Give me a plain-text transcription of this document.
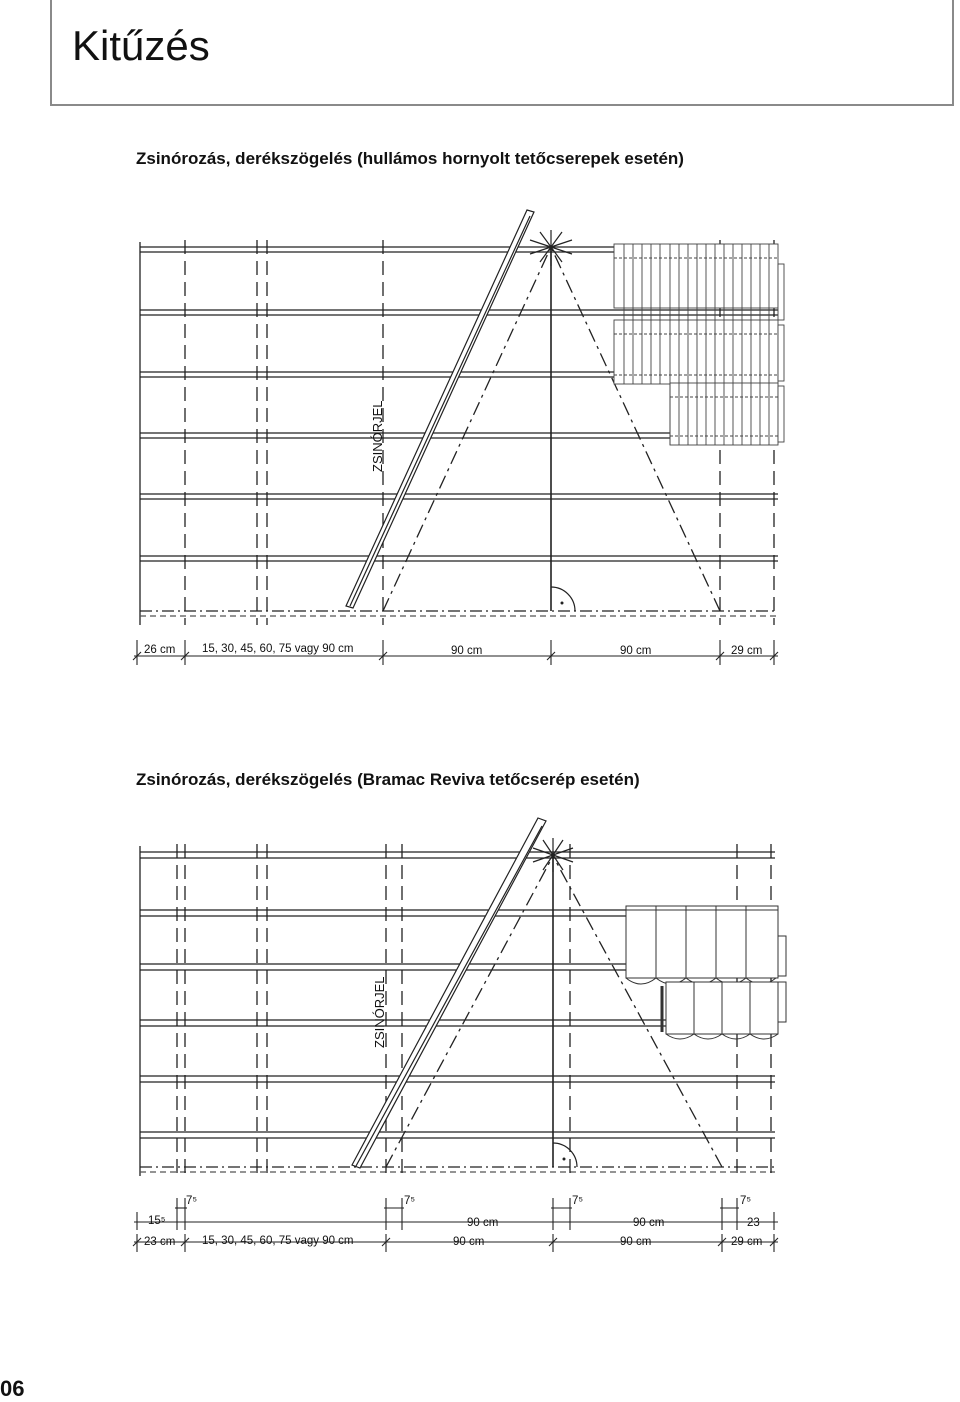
Kitűzés
Zsinórozás, derékszögelés (hullámos hornyolt tetőcserepek esetén)
ZSINÓRJEL
26 cm 15, 30, 45, 60, 75 vagy 90 cm	90 cm	90 cm	29 cm
Zsinórozás, derékszögelés (Bramac Reviva tetőcserép esetén)
ZSINÓRJEL
7⁵
15⁵
7⁵
90 cm
7⁵
90 cm
7⁵
23
23 cm 15, 30, 45, 60, 75 vagy 90 cm	90 cm	90 cm	29 cm
06
